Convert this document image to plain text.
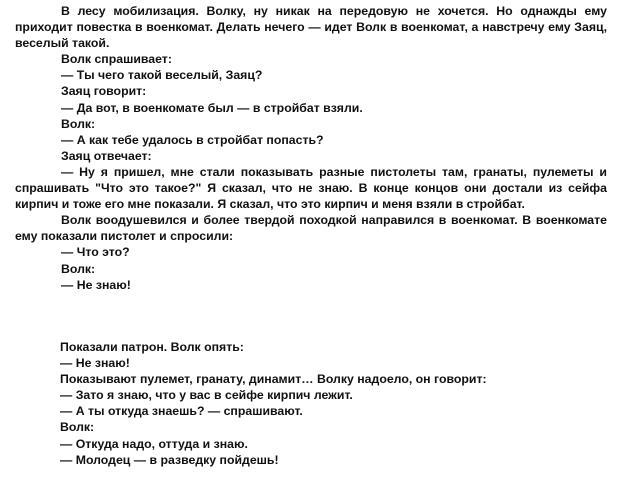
В лесу мобилизация. Волку, ну никак на передовую не хочется. Но однажды ему приходит повестка в военкомат. Делать нечего — идет Волк в военкомат, а навстречу ему Заяц, веселый такой.

Волк спрашивает:

— Ты чего такой веселый, Заяц?

Заяц говорит:

— Да вот, в военкомате был — в стройбат взяли.

Волк:

— А как тебе удалось в стройбат попасть?

Заяц отвечает:

— Ну я пришел, мне стали показывать разные пистолеты там, гранаты, пулеметы и спрашивать "Что это такое?" Я сказал, что не знаю. В конце концов они достали из сейфа кирпич и тоже его мне показали. Я сказал, что это кирпич и меня взяли в стройбат.

Волк воодушевился и более твердой походкой направился в военкомат. В военкомате ему показали пистолет и спросили:

— Что это?

Волк:

— Не знаю!

Показали патрон. Волк опять:

— Не знаю!

Показывают пулемет, гранату, динамит… Волку надоело, он говорит:

— Зато я знаю, что у вас в сейфе кирпич лежит.

— А ты откуда знаешь? — спрашивают.

Волк:

— Откуда надо, оттуда и знаю.

— Молодец — в разведку пойдешь!
